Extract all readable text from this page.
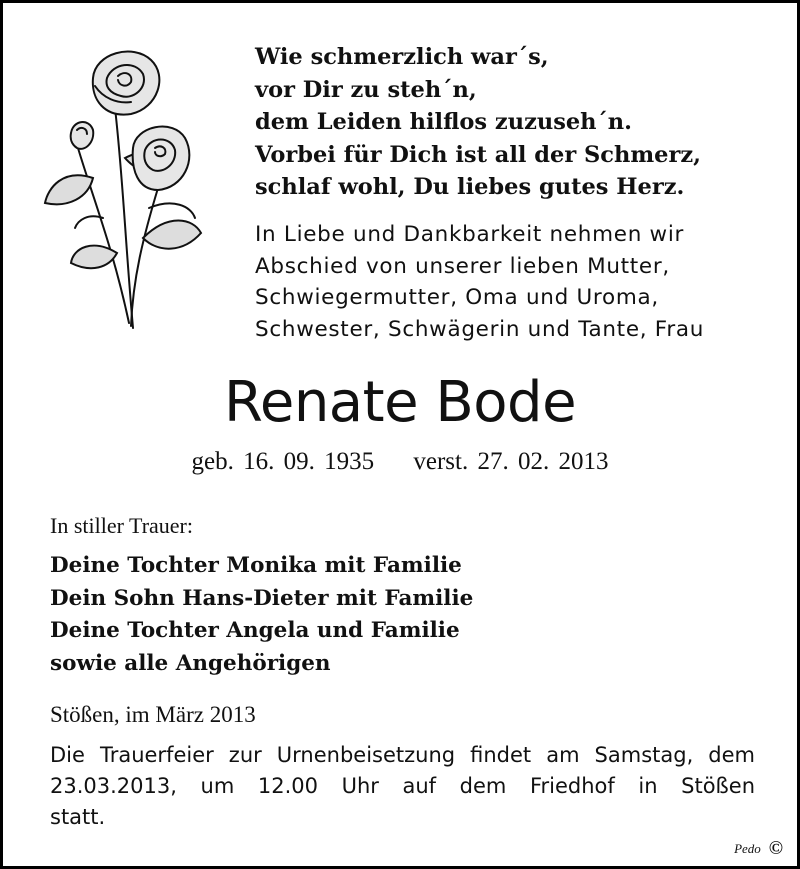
Wie schmerzlich war´s,
vor Dir zu steh´n,
dem Leiden hilflos zuzuseh´n.
Vorbei für Dich ist all der Schmerz,
schlaf wohl, Du liebes gutes Herz.
In Liebe und Dankbarkeit nehmen wir
Abschied von unserer lieben Mutter,
Schwiegermutter, Oma und Uroma,
Schwester, Schwägerin und Tante, Frau
Renate Bode
geb. 16. 09. 1935 verst. 27. 02. 2013
In stiller Trauer:
Deine Tochter Monika mit Familie
Dein Sohn Hans-Dieter mit Familie
Deine Tochter Angela und Familie
sowie alle Angehörigen
Stößen, im März 2013
Die Trauerfeier zur Urnenbeisetzung findet am Samstag, dem
23.03.2013, um 12.00 Uhr auf dem Friedhof in Stößen
statt.
Pedo ©
